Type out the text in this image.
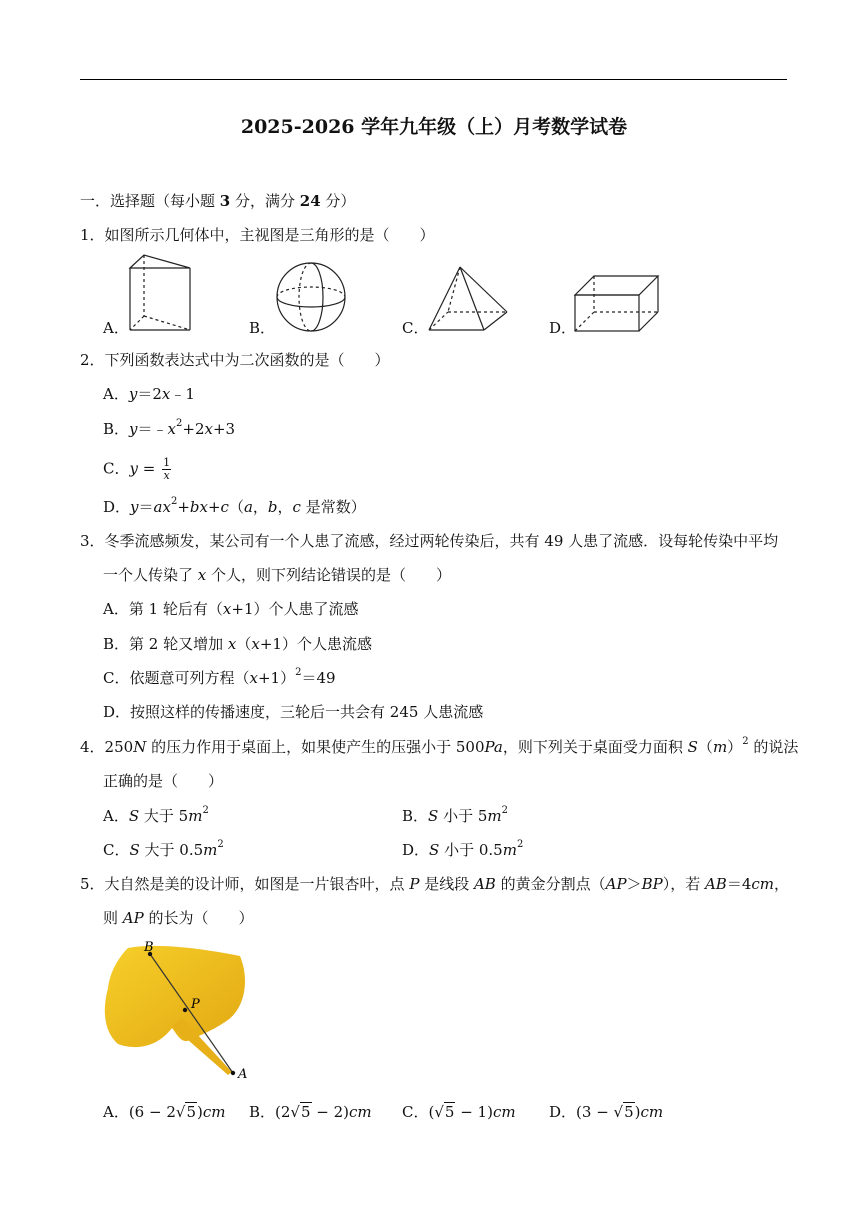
2025-2026 学年九年级（上）月考数学试卷
一．选择题（每小题 3 分，满分 24 分）
1．如图所示几何体中，主视图是三角形的是（　　）
A．	B．	C．	D．
2．下列函数表达式中为二次函数的是（　　）
A．y＝2x﹣1
B．$y=﹣x^2+2x+3$
C．$y = \frac{1}{x}$
D．$y=ax^2+bx+c(a$，b，c 是常数）
3．冬季流感频发，某公司有一个人患了流感，经过两轮传染后，共有 49 人患了流感．设每轮传染中平均
一个人传染了 x 个人，则下列结论错误的是（　　）
A．第 1 轮后有（x+1）个人患了流感
B．第 2 轮又增加 x（x+1）个人患流感
C．依题意可列方程$(x+1)^2=49$
D．按照这样的传播速度，三轮后一共会有 245 人患流感
4．250N 的压力作用于桌面上，如果使产生的压强小于 500Pa，则下列关于桌面受力面积 $S(m)^2$ 的说法
正确的是（　　）
A．S 大于 $5m^2$	B．S 小于 $5m^2$
C．S 大于 $0.5m^2$	D．S 小于 $0.5m^2$
5．大自然是美的设计师，如图是一片银杏叶，点 P 是线段 AB 的黄金分割点（AP＞BP），若 AB＝4cm，
则 AP 的长为（　　）
B
P
A
A．(6 − 2√5)cm B．(2√5 − 2)cm C．(√5 − 1)cm D．(3 − √5)cm
